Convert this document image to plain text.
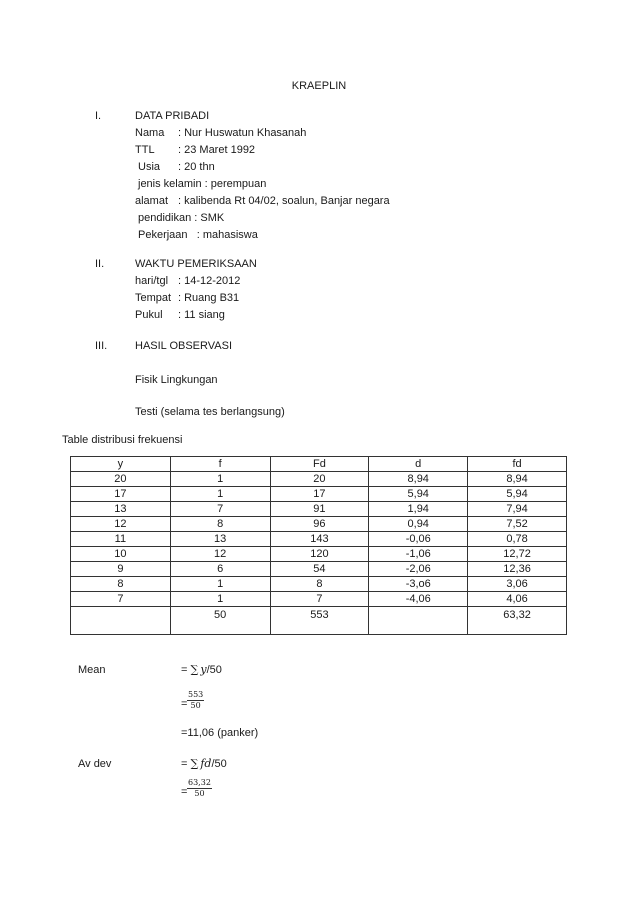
KRAEPLIN
I.	DATA PRIBADI
Nama : Nur Huswatun Khasanah
TTL : 23 Maret 1992
Usia : 20 thn
jenis kelamin : perempuan
alamat : kalibenda Rt 04/02, soalun, Banjar negara
pendidikan : SMK
Pekerjaan   : mahasiswa
II.	WAKTU PEMERIKSAAN
hari/tgl : 14-12-2012
Tempat : Ruang B31
Pukul : 11 siang
III.	HASIL OBSERVASI
Fisik Lingkungan
Testi (selama tes berlangsung)
Table distribusi frekuensi
y	f	Fd	d	fd
20	1	20	8,94	8,94
17	1	17	5,94	5,94
13	7	91	1,94	7,94
12	8	96	0,94	7,52
11	13	143	-0,06	0,78
10	12	120	-1,06	12,72
9	6	54	-2,06	12,36
8	1	8	-3,o6	3,06
7	1	7	-4,06	4,06
	50	553		63,32
Mean	= ∑ y/50
= $\frac{553}{50}$
=11,06 (panker)
Av dev	= ∑ fd/50
= $\frac{63,32}{50}$
